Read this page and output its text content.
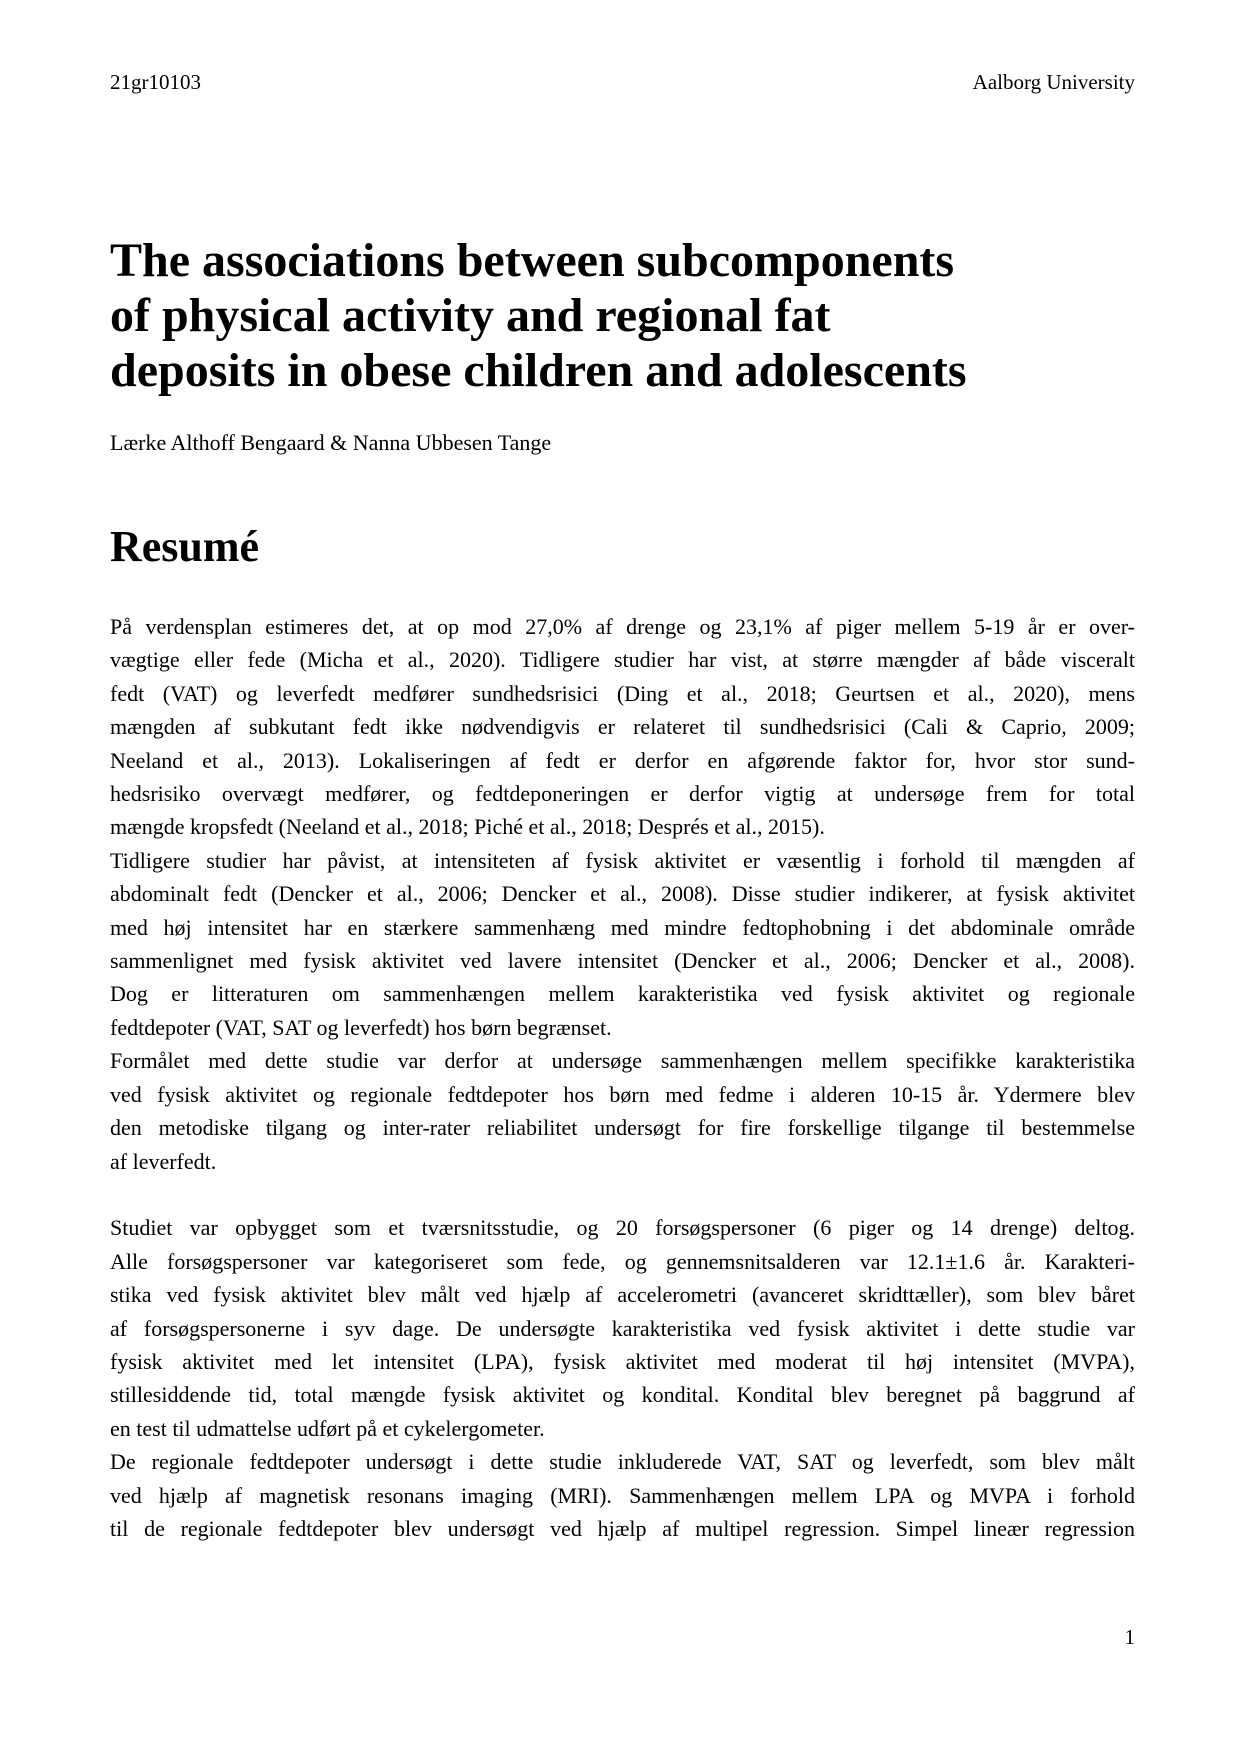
21gr10103	Aalborg University
The associations between subcomponents
of physical activity and regional fat
deposits in obese children and adolescents
Lærke Althoff Bengaard & Nanna Ubbesen Tange
Resumé
På verdensplan estimeres det, at op mod 27,0% af drenge og 23,1% af piger mellem 5-19 år er over-
vægtige eller fede (Micha et al., 2020). Tidligere studier har vist, at større mængder af både visceralt
fedt (VAT) og leverfedt medfører sundhedsrisici (Ding et al., 2018; Geurtsen et al., 2020), mens
mængden af subkutant fedt ikke nødvendigvis er relateret til sundhedsrisici (Cali & Caprio, 2009;
Neeland et al., 2013). Lokaliseringen af fedt er derfor en afgørende faktor for, hvor stor sund-
hedsrisiko overvægt medfører, og fedtdeponeringen er derfor vigtig at undersøge frem for total
mængde kropsfedt (Neeland et al., 2018; Piché et al., 2018; Després et al., 2015).
Tidligere studier har påvist, at intensiteten af fysisk aktivitet er væsentlig i forhold til mængden af
abdominalt fedt (Dencker et al., 2006; Dencker et al., 2008). Disse studier indikerer, at fysisk aktivitet
med høj intensitet har en stærkere sammenhæng med mindre fedtophobning i det abdominale område
sammenlignet med fysisk aktivitet ved lavere intensitet (Dencker et al., 2006; Dencker et al., 2008).
Dog er litteraturen om sammenhængen mellem karakteristika ved fysisk aktivitet og regionale
fedtdepoter (VAT, SAT og leverfedt) hos børn begrænset.
Formålet med dette studie var derfor at undersøge sammenhængen mellem specifikke karakteristika
ved fysisk aktivitet og regionale fedtdepoter hos børn med fedme i alderen 10-15 år. Ydermere blev
den metodiske tilgang og inter-rater reliabilitet undersøgt for fire forskellige tilgange til bestemmelse
af leverfedt.
Studiet var opbygget som et tværsnitsstudie, og 20 forsøgspersoner (6 piger og 14 drenge) deltog.
Alle forsøgspersoner var kategoriseret som fede, og gennemsnitsalderen var 12.1±1.6 år. Karakteri-
stika ved fysisk aktivitet blev målt ved hjælp af accelerometri (avanceret skridttæller), som blev båret
af forsøgspersonerne i syv dage. De undersøgte karakteristika ved fysisk aktivitet i dette studie var
fysisk aktivitet med let intensitet (LPA), fysisk aktivitet med moderat til høj intensitet (MVPA),
stillesiddende tid, total mængde fysisk aktivitet og kondital. Kondital blev beregnet på baggrund af
en test til udmattelse udført på et cykelergometer.
De regionale fedtdepoter undersøgt i dette studie inkluderede VAT, SAT og leverfedt, som blev målt
ved hjælp af magnetisk resonans imaging (MRI). Sammenhængen mellem LPA og MVPA i forhold
til de regionale fedtdepoter blev undersøgt ved hjælp af multipel regression. Simpel lineær regression
1
